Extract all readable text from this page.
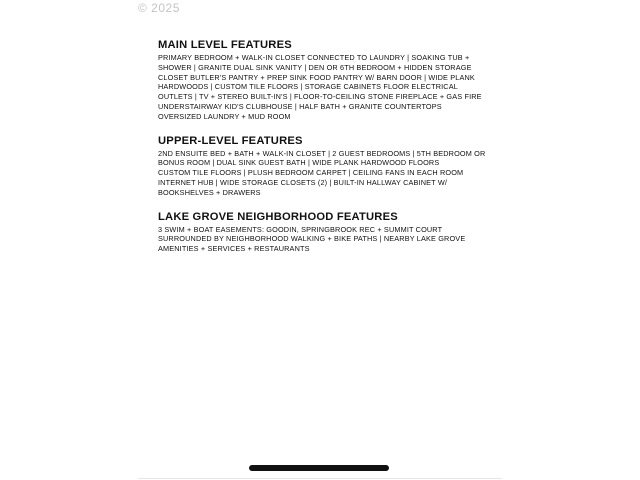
© 2025
MAIN LEVEL FEATURES
PRIMARY BEDROOM + WALK-IN CLOSET CONNECTED TO LAUNDRY | SOAKING TUB +
SHOWER | GRANITE DUAL SINK VANITY | DEN OR 6TH BEDROOM + HIDDEN STORAGE
CLOSET BUTLER'S PANTRY + PREP SINK FOOD PANTRY W/ BARN DOOR | WIDE PLANK
HARDWOODS | CUSTOM TILE FLOORS | STORAGE CABINETS FLOOR ELECTRICAL
OUTLETS | TV + STEREO BUILT-IN'S | FLOOR-TO-CEILING STONE FIREPLACE + GAS FIRE
UNDERSTAIRWAY KID'S CLUBHOUSE | HALF BATH + GRANITE COUNTERTOPS
OVERSIZED LAUNDRY + MUD ROOM
UPPER-LEVEL FEATURES
2ND ENSUITE BED + BATH + WALK-IN CLOSET | 2 GUEST BEDROOMS | 5TH BEDROOM OR
BONUS ROOM | DUAL SINK GUEST BATH | WIDE PLANK HARDWOOD FLOORS
CUSTOM TILE FLOORS | PLUSH BEDROOM CARPET | CEILING FANS IN EACH ROOM
INTERNET HUB | WIDE STORAGE CLOSETS (2) | BUILT-IN HALLWAY CABINET W/
BOOKSHELVES + DRAWERS
LAKE GROVE NEIGHBORHOOD FEATURES
3 SWIM + BOAT EASEMENTS: GOODIN, SPRINGBROOK REC + SUMMIT COURT
SURROUNDED BY NEIGHBORHOOD WALKING + BIKE PATHS | NEARBY LAKE GROVE
AMENITIES + SERVICES + RESTAURANTS
